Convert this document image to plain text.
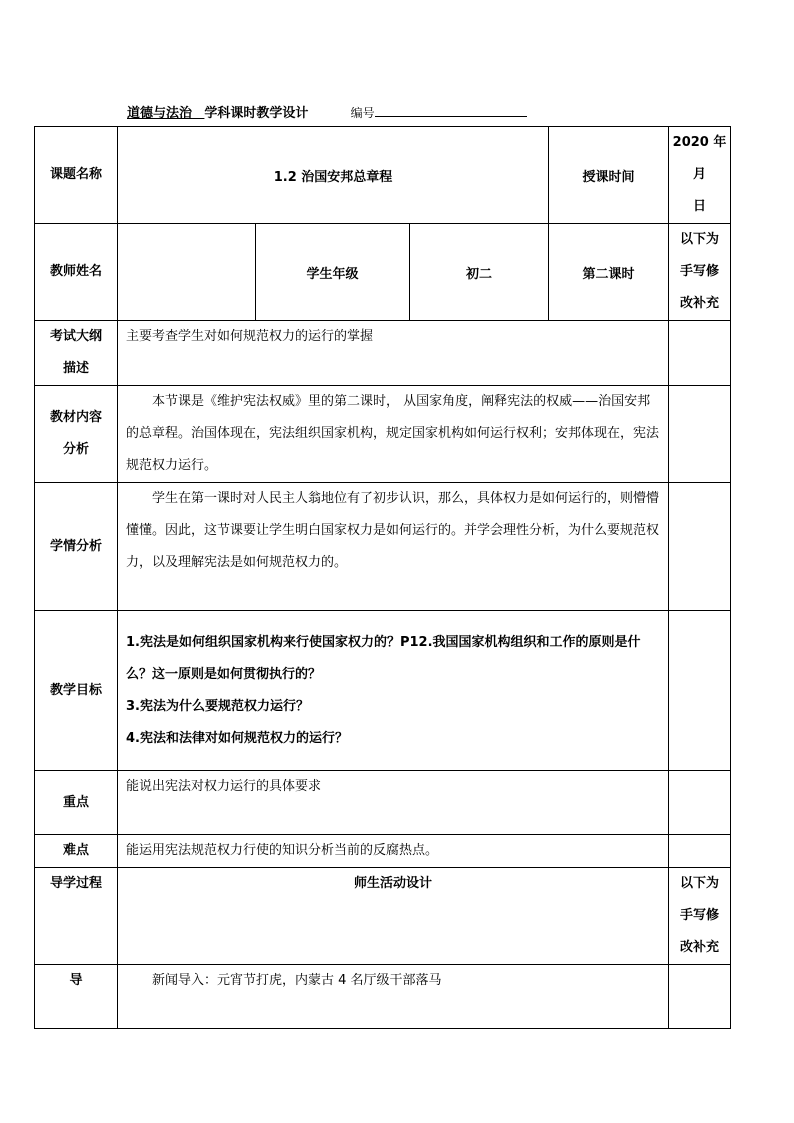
道德与法治 学科课时教学设计	编号
课题名称	1.2 治国安邦总章程			授课时间	2020 年
月
日

教师姓名		学生年级	初二	第二课时	以下为
手写修
改补充

考试大纲
描述	主要考查学生对如何规范权力的运行的掌握				

教材内容
分析	本节课是《维护宪法权威》里的第二课时， 从国家角度，阐释宪法的权威——治国安邦的总章程。治国体现在，宪法组织国家机构，规定国家机构如何运行权利；安邦体现在，宪法规范权力运行。				

学情分析	学生在第一课时对人民主人翁地位有了初步认识，那么，具体权力是如何运行的，则懵懵懂懂。因此，这节课要让学生明白国家权力是如何运行的。并学会理性分析，为什么要规范权力，以及理解宪法是如何规范权力的。				

教学目标	1.宪法是如何组织国家机构来行使国家权力的？P12.我国国家机构组织和工作的原则是什么？这一原则是如何贯彻执行的？

3.宪法为什么要规范权力运行？

4.宪法和法律对如何规范权力的运行？				

重点	能说出宪法对权力运行的具体要求				
难点	能运用宪法规范权力行使的知识分析当前的反腐热点。				
导学过程	师生活动设计				以下为
手写修
改补充

导	新闻导入：元宵节打虎，内蒙古 4 名厅级干部落马				
